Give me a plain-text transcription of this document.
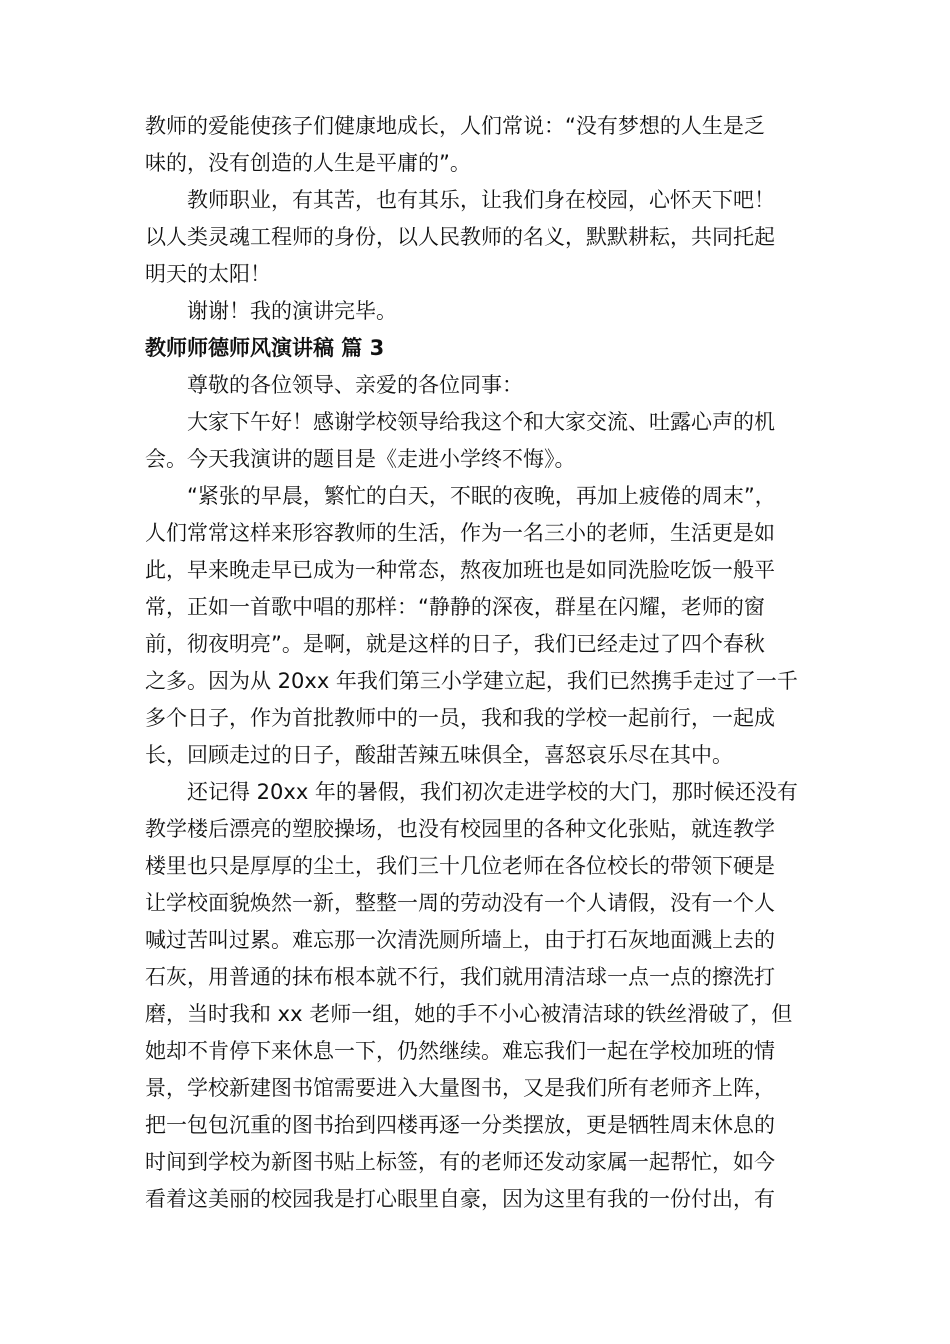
教师的爱能使孩子们健康地成长，人们常说：“没有梦想的人生是乏
味的，没有创造的人生是平庸的”。
　　教师职业，有其苦，也有其乐，让我们身在校园，心怀天下吧！
以人类灵魂工程师的身份，以人民教师的名义，默默耕耘，共同托起
明天的太阳！
　　谢谢！我的演讲完毕。
教师师德师风演讲稿 篇 3
　　尊敬的各位领导、亲爱的各位同事：
　　大家下午好！感谢学校领导给我这个和大家交流、吐露心声的机
会。今天我演讲的题目是《走进小学终不悔》。
　　“紧张的早晨，繁忙的白天，不眠的夜晚，再加上疲倦的周末”，
人们常常这样来形容教师的生活，作为一名三小的老师，生活更是如
此，早来晚走早已成为一种常态，熬夜加班也是如同洗脸吃饭一般平
常，正如一首歌中唱的那样：“静静的深夜，群星在闪耀，老师的窗
前，彻夜明亮”。是啊，就是这样的日子，我们已经走过了四个春秋
之多。因为从 20xx 年我们第三小学建立起，我们已然携手走过了一千
多个日子，作为首批教师中的一员，我和我的学校一起前行，一起成
长，回顾走过的日子，酸甜苦辣五味俱全，喜怒哀乐尽在其中。
　　还记得 20xx 年的暑假，我们初次走进学校的大门，那时候还没有
教学楼后漂亮的塑胶操场，也没有校园里的各种文化张贴，就连教学
楼里也只是厚厚的尘土，我们三十几位老师在各位校长的带领下硬是
让学校面貌焕然一新，整整一周的劳动没有一个人请假，没有一个人
喊过苦叫过累。难忘那一次清洗厕所墙上，由于打石灰地面溅上去的
石灰，用普通的抹布根本就不行，我们就用清洁球一点一点的擦洗打
磨，当时我和 xx 老师一组，她的手不小心被清洁球的铁丝滑破了，但
她却不肯停下来休息一下，仍然继续。难忘我们一起在学校加班的情
景，学校新建图书馆需要进入大量图书，又是我们所有老师齐上阵，
把一包包沉重的图书抬到四楼再逐一分类摆放，更是牺牲周末休息的
时间到学校为新图书贴上标签，有的老师还发动家属一起帮忙，如今
看着这美丽的校园我是打心眼里自豪，因为这里有我的一份付出，有
